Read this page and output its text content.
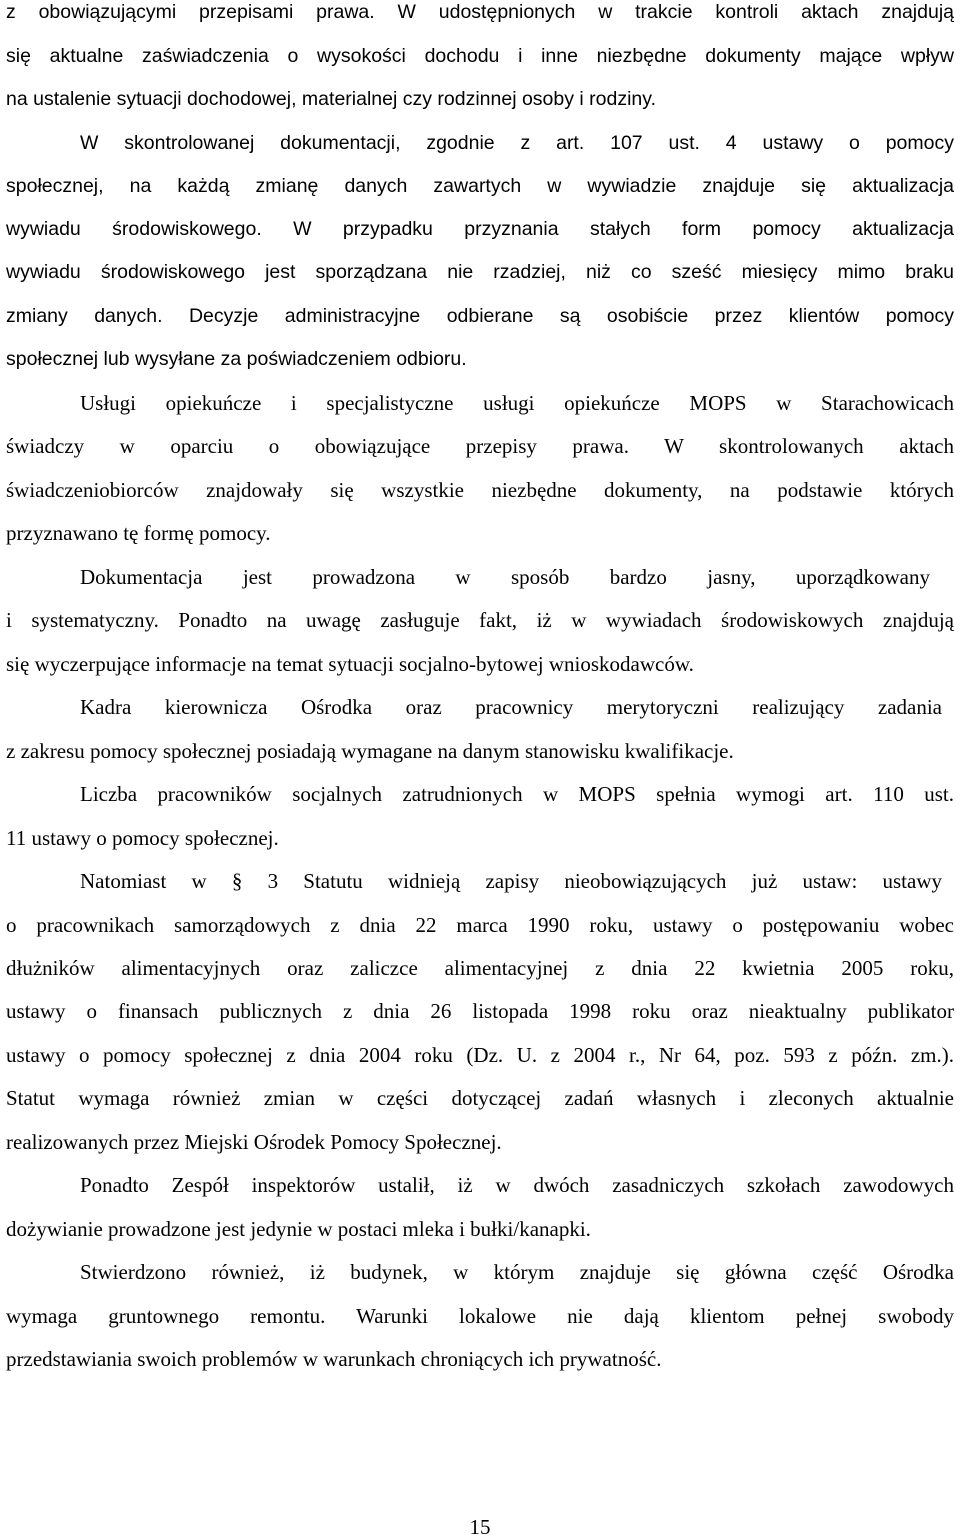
z obowiązującymi przepisami prawa. W udostępnionych w trakcie kontroli aktach znajdują
się aktualne zaświadczenia o wysokości dochodu i inne niezbędne dokumenty mające wpływ
na ustalenie sytuacji dochodowej, materialnej czy rodzinnej osoby i rodziny.
W skontrolowanej dokumentacji, zgodnie z art. 107 ust. 4 ustawy o pomocy
społecznej, na każdą zmianę danych zawartych w wywiadzie znajduje się aktualizacja
wywiadu środowiskowego. W przypadku przyznania stałych form pomocy aktualizacja
wywiadu środowiskowego jest sporządzana nie rzadziej, niż co sześć miesięcy mimo braku
zmiany danych. Decyzje administracyjne odbierane są osobiście przez klientów pomocy
społecznej lub wysyłane za poświadczeniem odbioru.
Usługi opiekuńcze i specjalistyczne usługi opiekuńcze MOPS w Starachowicach
świadczy w oparciu o obowiązujące przepisy prawa. W skontrolowanych aktach
świadczeniobiorców znajdowały się wszystkie niezbędne dokumenty, na podstawie których
przyznawano tę formę pomocy.
Dokumentacja jest prowadzona w sposób bardzo jasny, uporządkowany
i systematyczny. Ponadto na uwagę zasługuje fakt, iż w wywiadach środowiskowych znajdują
się wyczerpujące informacje na temat sytuacji socjalno-bytowej wnioskodawców.
Kadra kierownicza Ośrodka oraz pracownicy merytoryczni realizujący zadania
z zakresu pomocy społecznej posiadają wymagane na danym stanowisku kwalifikacje.
Liczba pracowników socjalnych zatrudnionych w MOPS spełnia wymogi art. 110 ust.
11 ustawy o pomocy społecznej.
Natomiast w § 3 Statutu widnieją zapisy nieobowiązujących już ustaw: ustawy
o pracownikach samorządowych z dnia 22 marca 1990 roku, ustawy o postępowaniu wobec
dłużników alimentacyjnych oraz zaliczce alimentacyjnej z dnia 22 kwietnia 2005 roku,
ustawy o finansach publicznych z dnia 26 listopada 1998 roku oraz nieaktualny publikator
ustawy o pomocy społecznej z dnia 2004 roku (Dz. U. z 2004 r., Nr 64, poz. 593 z późn. zm.).
Statut wymaga również zmian w części dotyczącej zadań własnych i zleconych aktualnie
realizowanych przez Miejski Ośrodek Pomocy Społecznej.
Ponadto Zespół inspektorów ustalił, iż w dwóch zasadniczych szkołach zawodowych
dożywianie prowadzone jest jedynie w postaci mleka i bułki/kanapki.
Stwierdzono również, iż budynek, w którym znajduje się główna część Ośrodka
wymaga gruntownego remontu. Warunki lokalowe nie dają klientom pełnej swobody
przedstawiania swoich problemów w warunkach chroniących ich prywatność.
15
